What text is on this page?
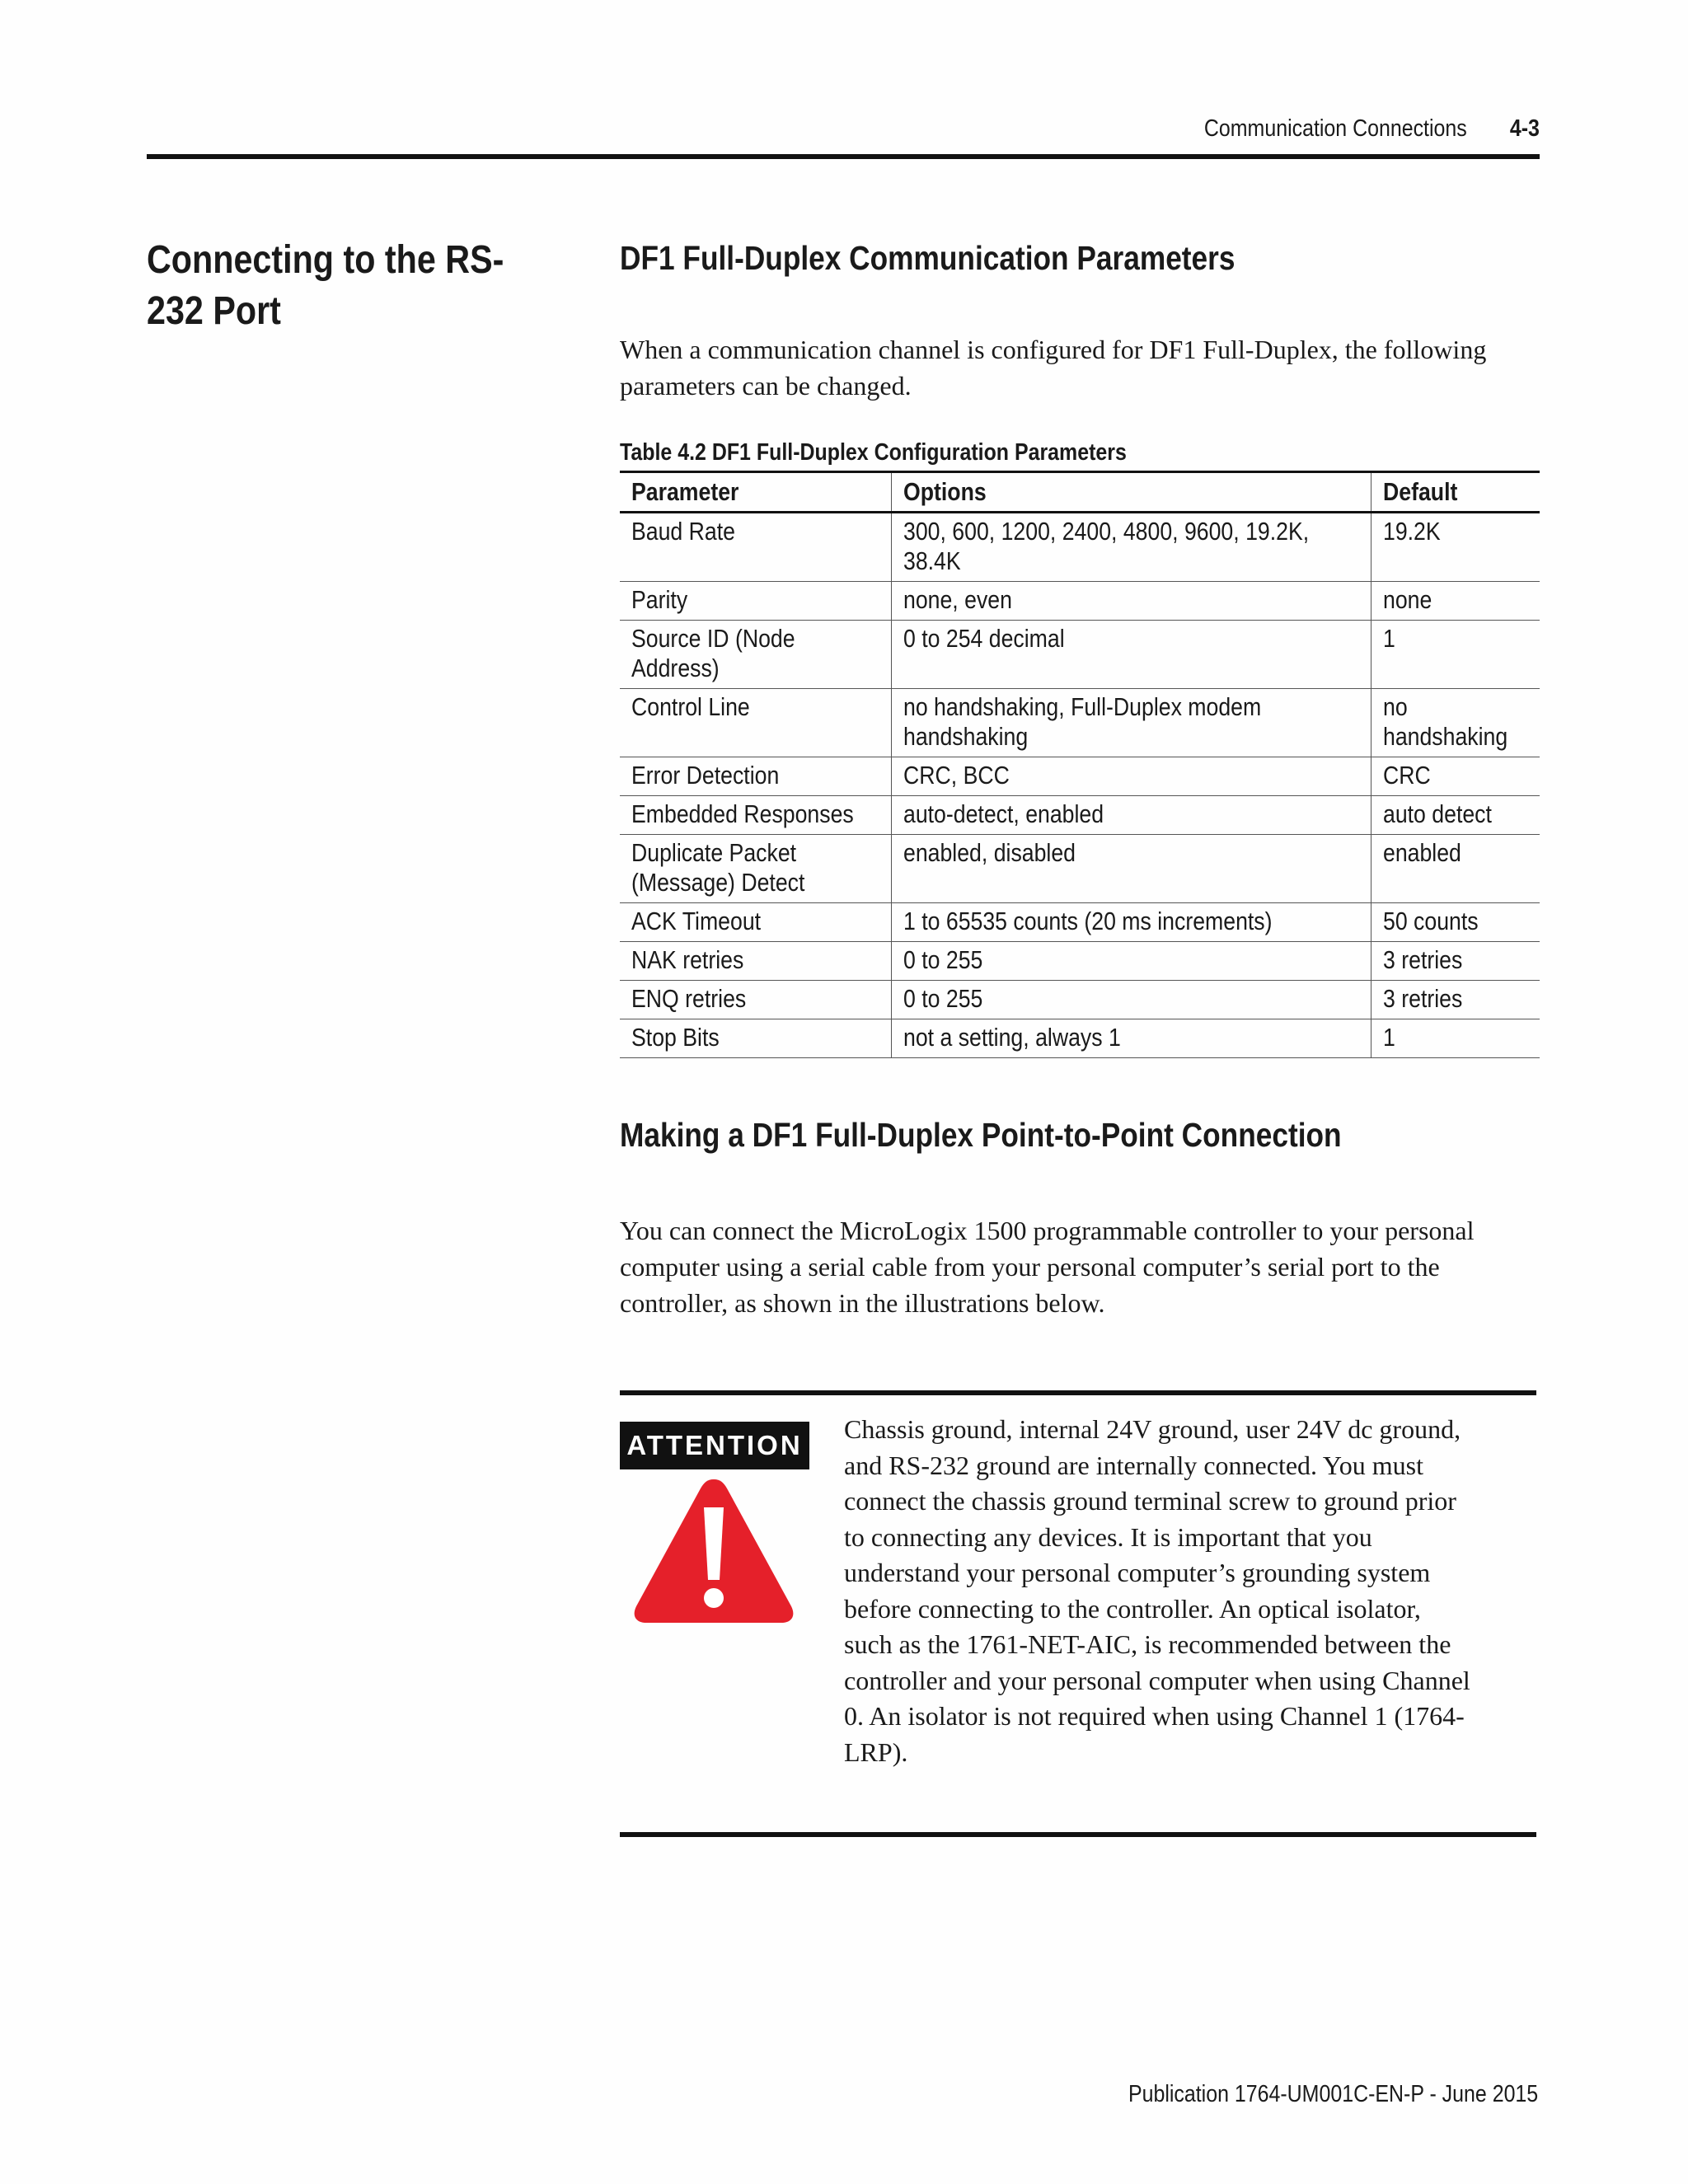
Communication Connections 4-3
Connecting to the RS-232 Port
DF1 Full-Duplex Communication Parameters
When a communication channel is configured for DF1 Full-Duplex, the following parameters can be changed.
Table 4.2 DF1 Full-Duplex Configuration Parameters
Parameter	Options	Default
Baud Rate	300, 600, 1200, 2400, 4800, 9600, 19.2K, 38.4K	19.2K
Parity	none, even	none
Source ID (Node Address)	0 to 254 decimal	1
Control Line	no handshaking, Full-Duplex modem handshaking	no handshaking
Error Detection	CRC, BCC	CRC
Embedded Responses	auto-detect, enabled	auto detect
Duplicate Packet (Message) Detect	enabled, disabled	enabled
ACK Timeout	1 to 65535 counts (20 ms increments)	50 counts
NAK retries	0 to 255	3 retries
ENQ retries	0 to 255	3 retries
Stop Bits	not a setting, always 1	1
Making a DF1 Full-Duplex Point-to-Point Connection
You can connect the MicroLogix 1500 programmable controller to your personal computer using a serial cable from your personal computer’s serial port to the controller, as shown in the illustrations below.
ATTENTION
Chassis ground, internal 24V ground, user 24V dc ground, and RS-232 ground are internally connected. You must connect the chassis ground terminal screw to ground prior to connecting any devices. It is important that you understand your personal computer’s grounding system before connecting to the controller. An optical isolator, such as the 1761-NET-AIC, is recommended between the controller and your personal computer when using Channel 0. An isolator is not required when using Channel 1 (1764-LRP).
Publication 1764-UM001C-EN-P - June 2015
